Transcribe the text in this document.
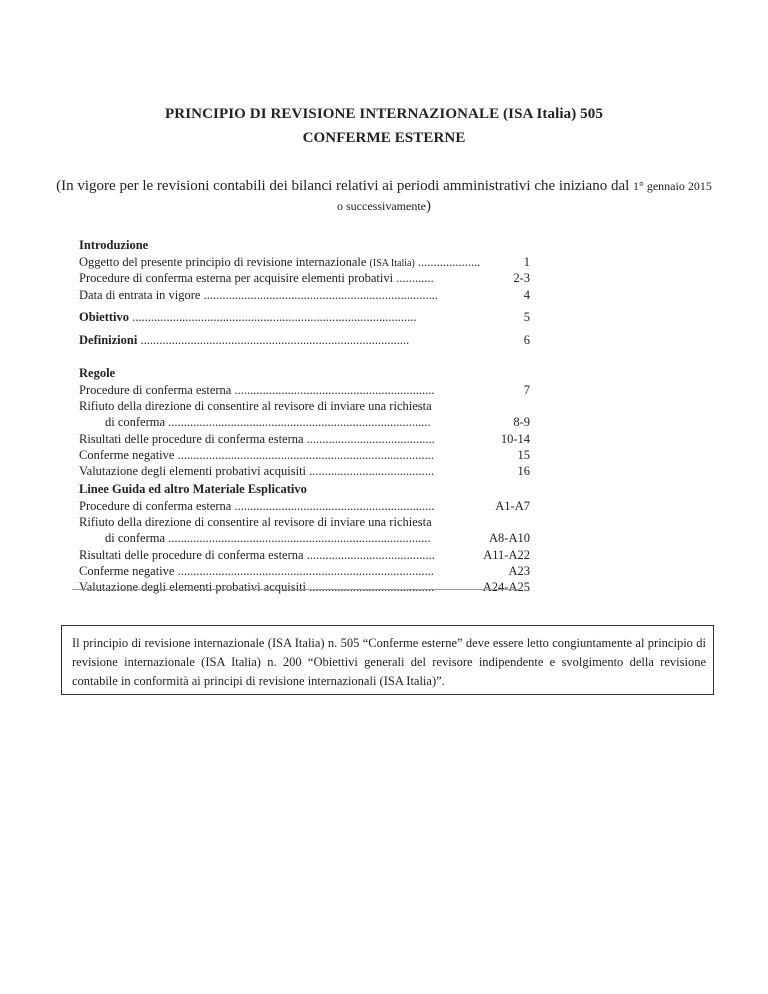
PRINCIPIO DI REVISIONE INTERNAZIONALE (ISA Italia) 505
CONFERME ESTERNE
(In vigore per le revisioni contabili dei bilanci relativi ai periodi amministrativi che iniziano dal 1° gennaio 2015
o successivamente)
Introduzione
Oggetto del presente principio di revisione internazionale (ISA Italia) ....................	1
Procedure di conferma esterna per acquisire elementi probativi ............	2-3
Data di entrata in vigore ...........................................................................	4
Obiettivo ...........................................................................................	5
Definizioni ......................................................................................	6
Regole
Procedure di conferma esterna ................................................................	7
Rifiuto della direzione di consentire al revisore di inviare una richiesta
di conferma ....................................................................................	8-9
Risultati delle procedure di conferma esterna .........................................	10-14
Conferme negative ..................................................................................	15
Valutazione degli elementi probativi acquisiti ........................................	16
Linee Guida ed altro Materiale Esplicativo
Procedure di conferma esterna ................................................................	A1-A7
Rifiuto della direzione di consentire al revisore di inviare una richiesta
di conferma ....................................................................................	A8-A10
Risultati delle procedure di conferma esterna .........................................	A11-A22
Conferme negative ..................................................................................	A23
Valutazione degli elementi probativi acquisiti ........................................	A24-A25
Il principio di revisione internazionale (ISA Italia) n. 505 “Conferme esterne” deve essere letto congiuntamente al principio di revisione internazionale (ISA Italia) n. 200 “Obiettivi generali del revisore indipendente e svolgimento della revisione contabile in conformità ai principi di revisione internazionali (ISA Italia)”.
